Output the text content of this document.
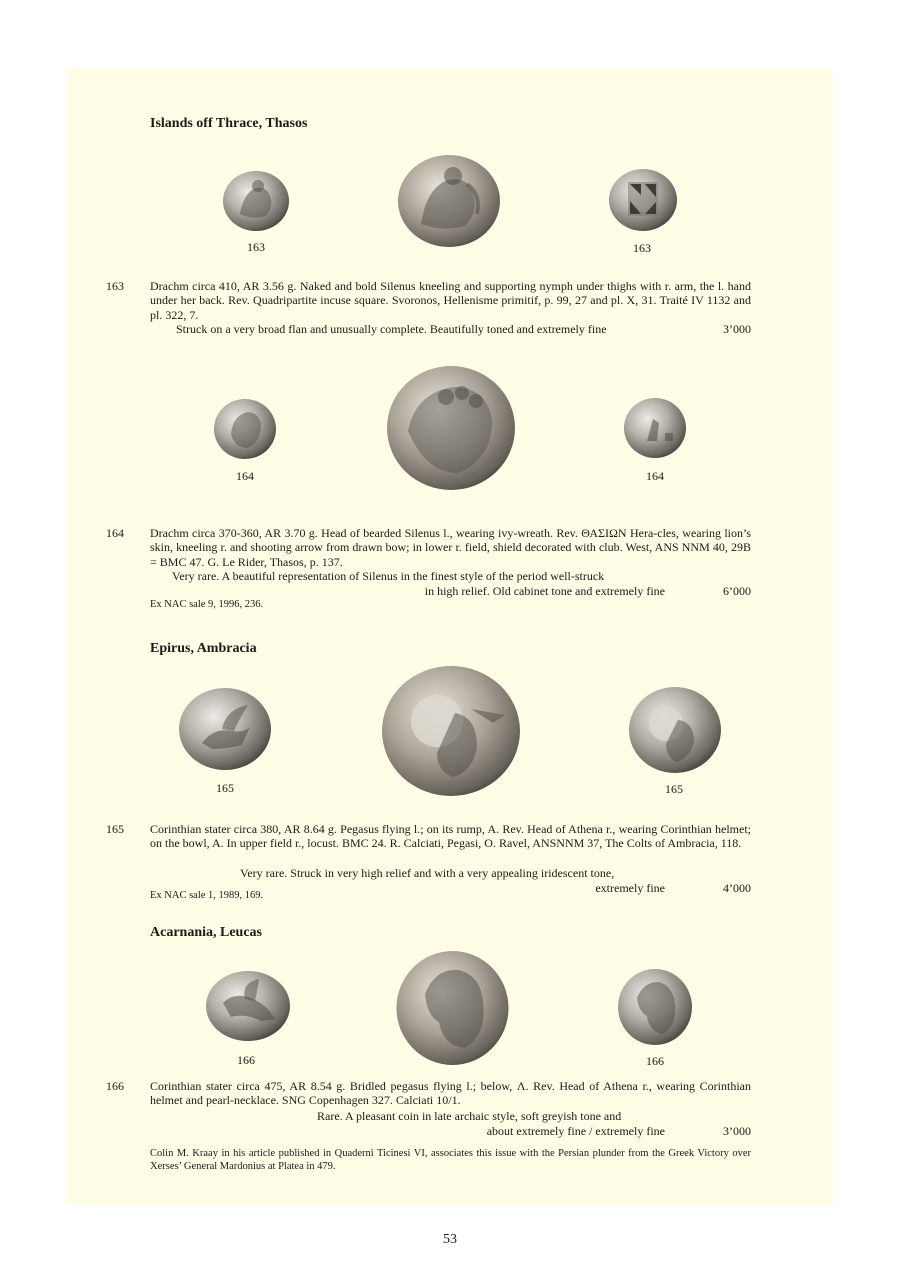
Islands off Thrace, Thasos
163	163
163 Drachm circa 410, AR 3.56 g. Naked and bold Silenus kneeling and supporting nymph under thighs with r. arm, the l. hand under her back. Rev. Quadripartite incuse square. Svoronos, Hellenisme primitif, p. 99, 27 and pl. X, 31. Traité IV 1132 and pl. 322, 7.
Struck on a very broad flan and unusually complete. Beautifully toned and extremely fine	3’000
164	164
164 Drachm circa 370-360, AR 3.70 g. Head of bearded Silenus l., wearing ivy-wreath. Rev. ΘΑΣΙΩΝ Hera-cles, wearing lion’s skin, kneeling r. and shooting arrow from drawn bow; in lower r. field, shield decorated with club. West, ANS NNM 40, 29B = BMC 47. G. Le Rider, Thasos, p. 137.
Very rare. A beautiful representation of Silenus in the finest style of the period well-struck
in high relief. Old cabinet tone and extremely fine	6’000
Ex NAC sale 9, 1996, 236.
Epirus, Ambracia
165	165
165 Corinthian stater circa 380, AR 8.64 g. Pegasus flying l.; on its rump, A. Rev. Head of Athena r., wearing Corinthian helmet; on the bowl, A. In upper field r., locust. BMC 24. R. Calciati, Pegasi, O. Ravel, ANSNNM 37, The Colts of Ambracia, 118.
Very rare. Struck in very high relief and with a very appealing iridescent tone,
extremely fine	4’000
Ex NAC sale 1, 1989, 169.
Acarnania, Leucas
166	166
166 Corinthian stater circa 475, AR 8.54 g. Bridled pegasus flying l.; below, Λ. Rev. Head of Athena r., wearing Corinthian helmet and pearl-necklace. SNG Copenhagen 327. Calciati 10/1.
Rare. A pleasant coin in late archaic style, soft greyish tone and
about extremely fine / extremely fine	3’000
Colin M. Kraay in his article published in Quaderni Ticinesi VI, associates this issue with the Persian plunder from the Greek Victory over Xerses’ General Mardonius at Platea in 479.
53
